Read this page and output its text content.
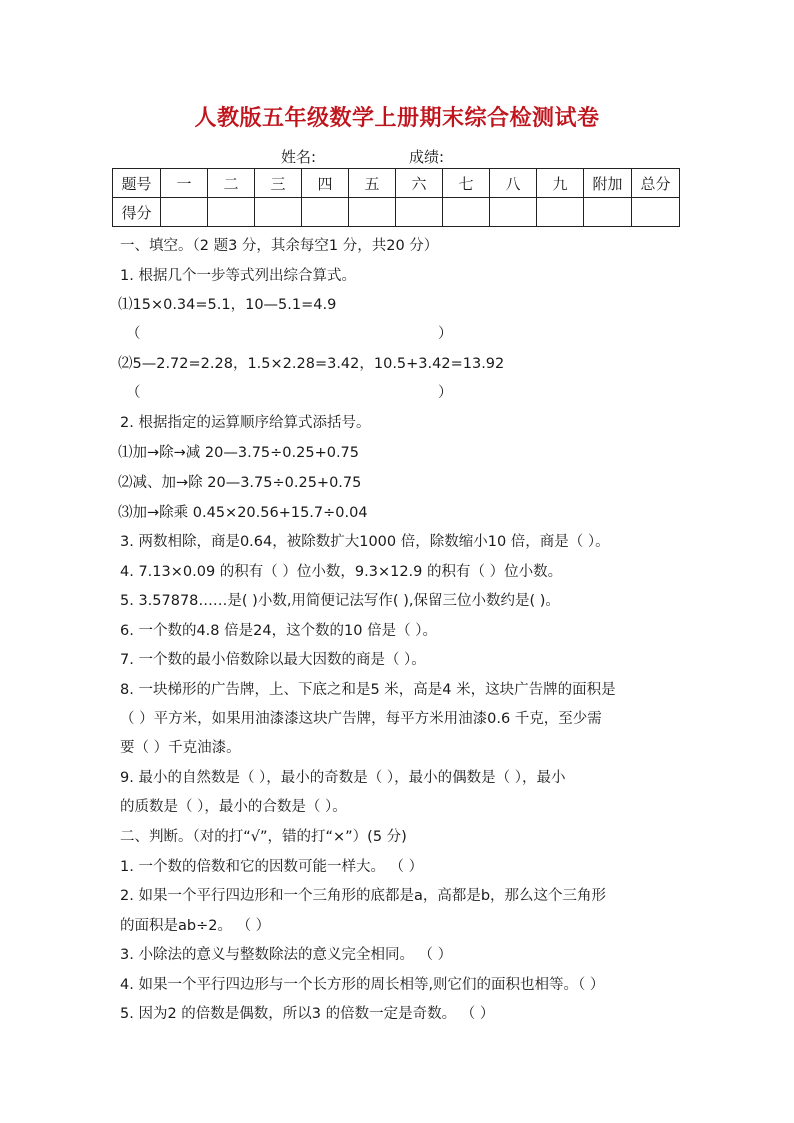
人教版五年级数学上册期末综合检测试卷
姓名:	成绩:
题号	一	二	三	四	五	六	七	八	九	附加	总分
得分											
一、填空。（2 题3 分，其余每空1 分，共20 分）
1. 根据几个一步等式列出综合算式。
⑴15×0.34=5.1，10—5.1=4.9
（	）
⑵5—2.72=2.28，1.5×2.28=3.42，10.5+3.42=13.92
（	）
2. 根据指定的运算顺序给算式添括号。
⑴加→除→减 20—3.75÷0.25+0.75
⑵减、加→除 20—3.75÷0.25+0.75
⑶加→除乘 0.45×20.56+15.7÷0.04
3. 两数相除，商是0.64，被除数扩大1000 倍，除数缩小10 倍，商是（ ）。
4. 7.13×0.09 的积有（ ）位小数，9.3×12.9 的积有（ ）位小数。
5. 3.57878……是( )小数,用简便记法写作( ),保留三位小数约是( )。
6. 一个数的4.8 倍是24，这个数的10 倍是（ ）。
7. 一个数的最小倍数除以最大因数的商是（ ）。
8. 一块梯形的广告牌，上、下底之和是5 米，高是4 米，这块广告牌的面积是
（ ）平方米，如果用油漆漆这块广告牌，每平方米用油漆0.6 千克，至少需
要（ ）千克油漆。
9. 最小的自然数是（ ），最小的奇数是（ ），最小的偶数是（ ），最小
的质数是（ ），最小的合数是（ ）。
二、判断。（对的打“√”，错的打“×”）(5 分)
1. 一个数的倍数和它的因数可能一样大。 （ ）
2. 如果一个平行四边形和一个三角形的底都是a，高都是b，那么这个三角形
的面积是ab÷2。 （ ）
3. 小除法的意义与整数除法的意义完全相同。 （ ）
4. 如果一个平行四边形与一个长方形的周长相等,则它们的面积也相等。（ ）
5. 因为2 的倍数是偶数，所以3 的倍数一定是奇数。 （ ）
